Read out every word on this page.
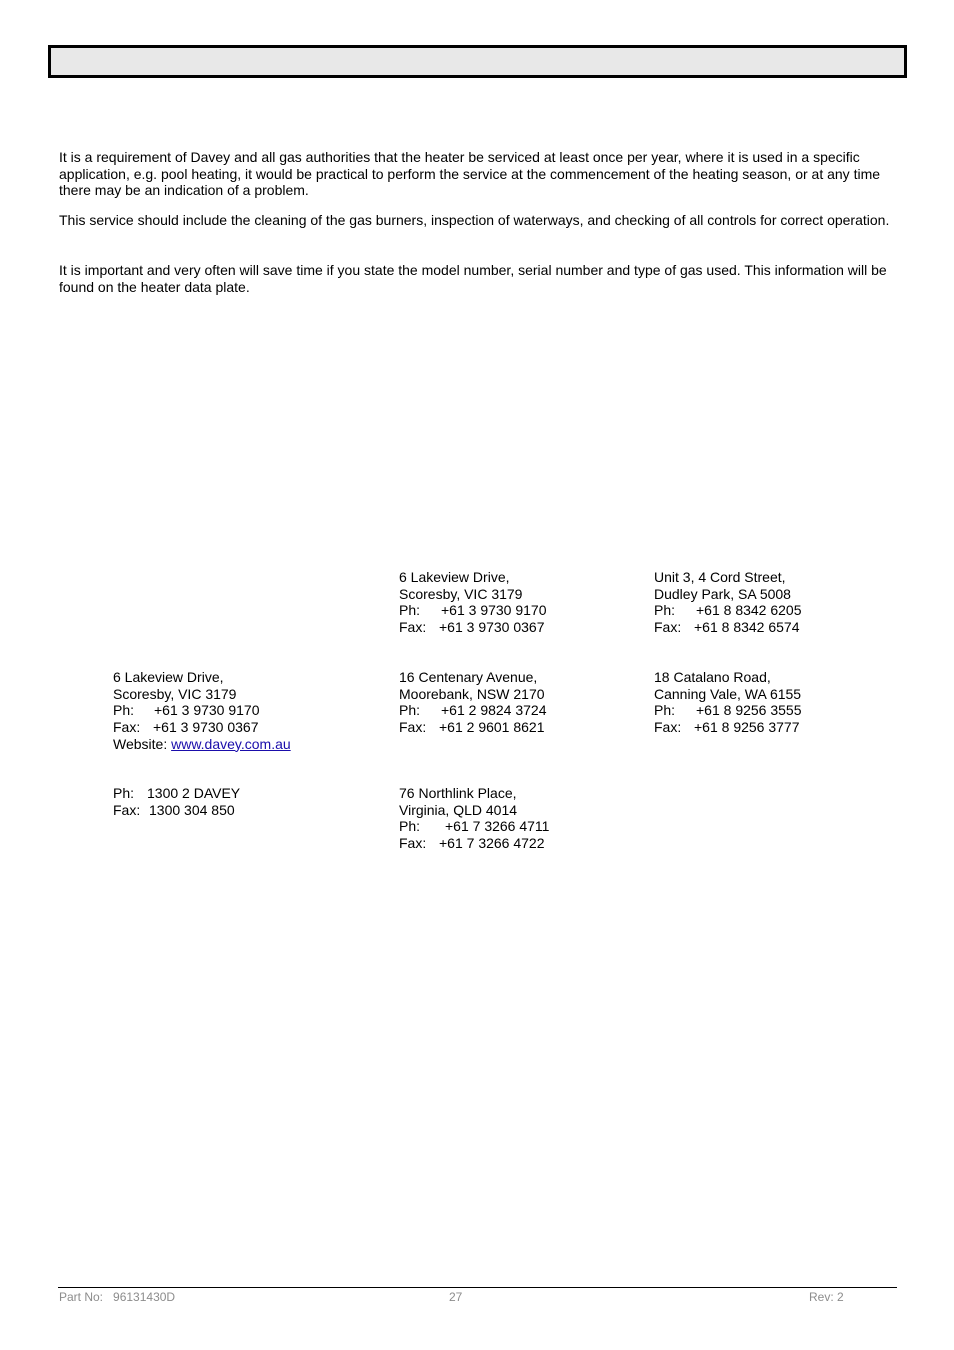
It is a requirement of Davey and all gas authorities that the heater be serviced at least once per year, where it is used in a specific application, e.g. pool heating, it would be practical to perform the service at the commencement of the heating season, or at any time there may be an indication of a problem.

This service should include the cleaning of the gas burners, inspection of waterways, and checking of all controls for correct operation.

It is important and very often will save time if you state the model number, serial number and type of gas used. This information will be found on the heater data plate.

6 Lakeview Drive,
Scoresby, VIC 3179
Ph: +61 3 9730 9170
Fax: +61 3 9730 0367
Unit 3, 4 Cord Street,
Dudley Park, SA 5008
Ph: +61 8 8342 6205
Fax: +61 8 8342 6574
6 Lakeview Drive,
Scoresby, VIC 3179
Ph: +61 3 9730 9170
Fax: +61 3 9730 0367
Website: www.davey.com.au
16 Centenary Avenue,
Moorebank, NSW 2170
Ph: +61 2 9824 3724
Fax: +61 2 9601 8621
18 Catalano Road,
Canning Vale, WA 6155
Ph: +61 8 9256 3555
Fax: +61 8 9256 3777
Ph: 1300 2 DAVEY
Fax: 1300 304 850
76 Northlink Place,
Virginia, QLD 4014
Ph: +61 7 3266 4711
Fax: +61 7 3266 4722
Part No: 96131430D	27	Rev: 2
